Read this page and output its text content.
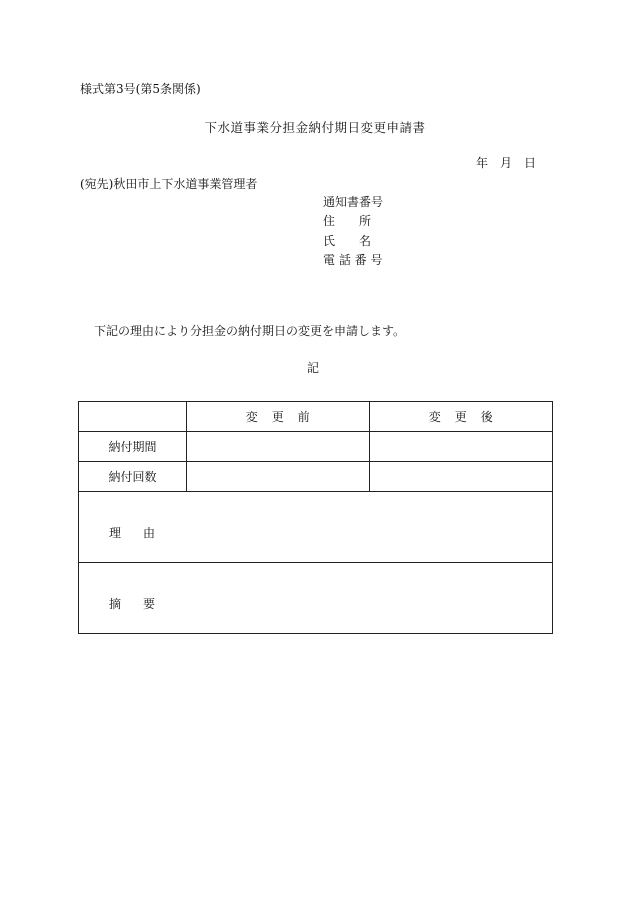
様式第3号(第5条関係)
下水道事業分担金納付期日変更申請書
年　月　日
(宛先)秋田市上下水道事業管理者
通知書番号
住　　所
氏　　名
電 話 番 号
下記の理由により分担金の納付期日の変更を申請します。
記
	変更前	変更後
納付期間		
納付回数		
理由		
摘要		
